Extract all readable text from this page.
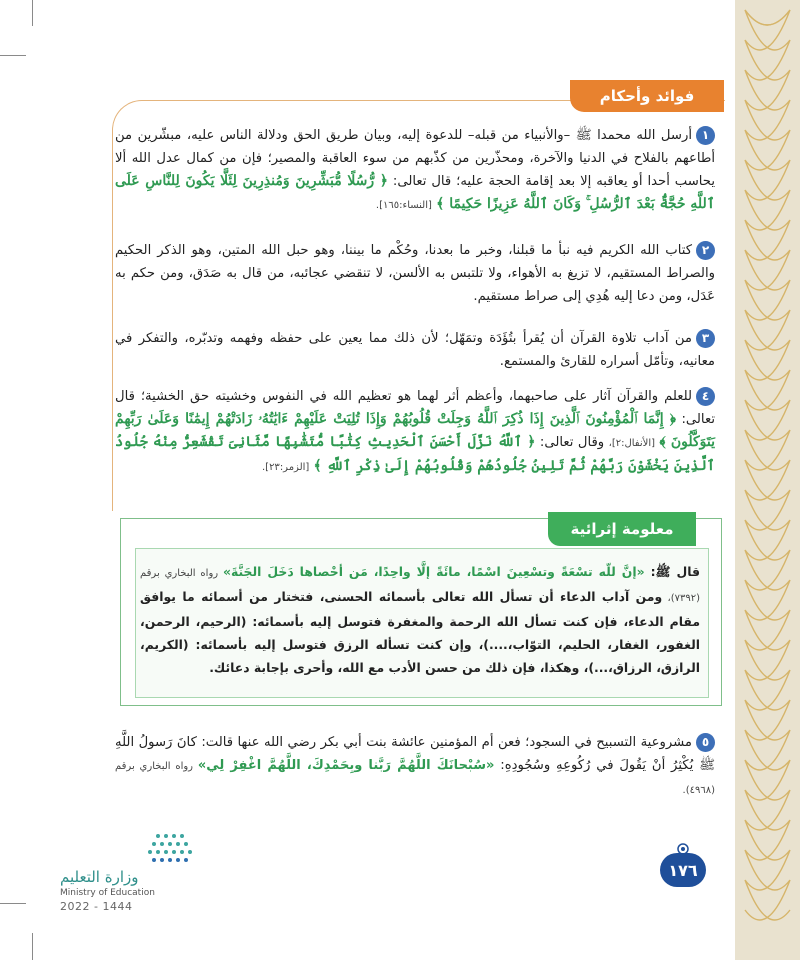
فوائد وأحكام
١أرسل الله محمدا ﷺ –والأنبياء من قبله– للدعوة إليه، وبيان طريق الحق ودلالة الناس عليه، مبشّرين من أطاعهم بالفلاح في الدنيا والآخرة، ومحذّرين من كذّبهم من سوء العاقبة والمصير؛ فإن من كمال عدل الله ألا يحاسب أحدا أو يعاقبه إلا بعد إقامة الحجة عليه؛ قال تعالى: ﴿ رُّسُلًا مُّبَشِّرِينَ وَمُنذِرِينَ لِئَلَّا يَكُونَ لِلنَّاسِ عَلَى ٱللَّهِ حُجَّةٌۢ بَعْدَ ٱلرُّسُلِ ۚ وَكَانَ ٱللَّهُ عَزِيزًا حَكِيمًا ﴾ [النساء:١٦٥].
٢كتاب الله الكريم فيه نبأ ما قبلنا، وخبر ما بعدنا، وحُكْم ما بيننا، وهو حبل الله المتين، وهو الذكر الحكيم والصراط المستقيم، لا تزيغ به الأهواء، ولا تلتبس به الألسن، لا تنقضي عجائبه، من قال به صَدَق، ومن حكم به عَدَل، ومن دعا إليه هُدِي إلى صراط مستقيم.
٣من آداب تلاوة القرآن أن يُقرأ بتُؤَدَة وتمَهّل؛ لأن ذلك مما يعين على حفظه وفهمه وتدبّره، والتفكر في معانيه، وتأمّل أسراره للقارئ والمستمع.
٤للعلم والقرآن آثار على صاحبهما، وأعظم أثر لهما هو تعظيم الله في النفوس وخشيته حق الخشية؛ قال تعالى: ﴿ إِنَّمَا ٱلْمُؤْمِنُونَ ٱلَّذِينَ إِذَا ذُكِرَ ٱللَّهُ وَجِلَتْ قُلُوبُهُمْ وَإِذَا تُلِيَتْ عَلَيْهِمْ ءَايَٰتُهُۥ زَادَتْهُمْ إِيمَٰنًا وَعَلَىٰ رَبِّهِمْ يَتَوَكَّلُونَ ﴾ [الأنفال:٢]، وقال تعالى: ﴿ ٱللَّهُ نَزَّلَ أَحْسَنَ ٱلْحَدِيثِ كِتَٰبًا مُّتَشَٰبِهًا مَّثَانِىَ تَقْشَعِرُّ مِنْهُ جُلُودُ ٱلَّذِينَ يَخْشَوْنَ رَبَّهُمْ ثُمَّ تَلِينُ جُلُودُهُمْ وَقُلُوبُهُمْ إِلَىٰ ذِكْرِ ٱللَّهِ ﴾ [الزمر:٢٣].
معلومة إثرائية
قال ﷺ: «إنَّ للّه تسْعَةً وتسْعِينَ اسْمًا، مائَةً إلَّا واحِدًا، مَن أحْصاها دَخَلَ الجَنَّةَ» رواه البخاري برقم (٧٣٩٢)، ومن آداب الدعاء أن تسأل الله تعالى بأسمائه الحسنى، فتختار من أسمائه ما يوافق مقام الدعاء، فإن كنت تسأل الله الرحمة والمغفرة فتوسل إليه بأسمائه: (الرحيم، الرحمن، الغفور، الغفار، الحليم، التوّاب،....)، وإن كنت تسأله الرزق فتوسل إليه بأسمائه: (الكريم، الرازق، الرزاق،...)، وهكذا، فإن ذلك من حسن الأدب مع الله، وأحرى بإجابة دعائك.
٥مشروعية التسبيح في السجود؛ فعن أم المؤمنين عائشة بنت أبي بكر رضي الله عنها قالت: كانَ رَسولُ اللَّهِ ﷺ يُكْثِرُ أنْ يَقُولَ في رُكُوعِهِ وسُجُودِهِ: «سُبْحانَكَ اللَّهُمَّ رَبَّنا وبِحَمْدِكَ، اللَّهُمَّ اغْفِرْ لِي» رواه البخاري برقم (٤٩٦٨).
١٧٦
وزارة التعليم
Ministry of Education
2022 - 1444
